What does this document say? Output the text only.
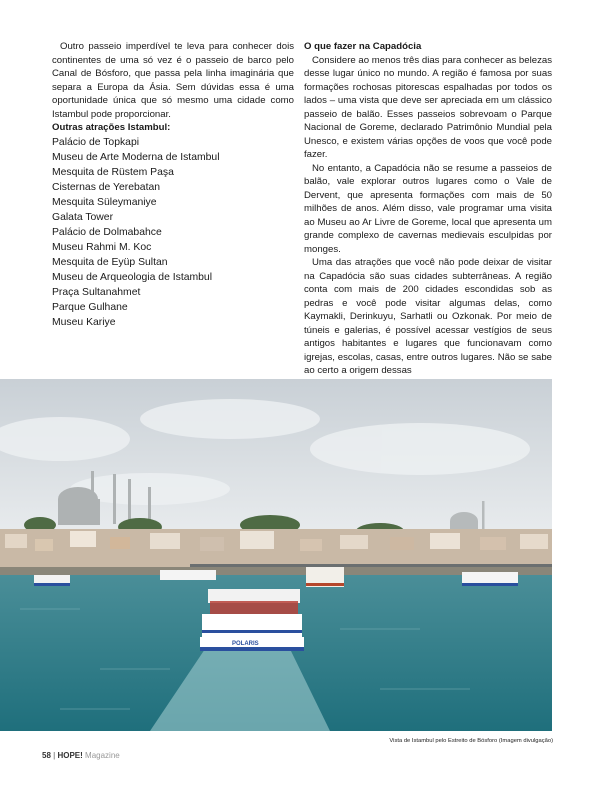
Outro passeio imperdível te leva para conhecer dois continentes de uma só vez é o passeio de barco pelo Canal de Bósforo, que passa pela linha imaginária que separa a Europa da Ásia. Sem dúvidas essa é uma oportunidade única que só mesmo uma cidade como Istambul pode proporcionar.

Outras atrações Istambul:

Palácio de Topkapi
Museu de Arte Moderna de Istambul
Mesquita de Rüstem Paşa
Cisternas de Yerebatan
Mesquita Süleymaniye
Galata Tower
Palácio de Dolmabahce
Museu Rahmi M. Koc
Mesquita de Eyüp Sultan
Museu de Arqueologia de Istambul
Praça Sultanahmet
Parque Gulhane
Museu Kariye

O que fazer na Capadócia

Considere ao menos três dias para conhecer as belezas desse lugar único no mundo. A região é famosa por suas formações rochosas pitorescas espalhadas por todos os lados – uma vista que deve ser apreciada em um clássico passeio de balão. Esses passeios sobrevoam o Parque Nacional de Goreme, declarado Patrimônio Mundial pela Unesco, e existem várias opções de voos que você pode fazer.

No entanto, a Capadócia não se resume a passeios de balão, vale explorar outros lugares como o Vale de Dervent, que apresenta formações com mais de 50 milhões de anos. Além disso, vale programar uma visita ao Museu ao Ar Livre de Goreme, local que apresenta um grande complexo de cavernas medievais esculpidas por monges.

Uma das atrações que você não pode deixar de visitar na Capadócia são suas cidades subterrâneas. A região conta com mais de 200 cidades escondidas sob as pedras e você pode visitar algumas delas, como Kaymakli, Derinkuyu, Sarhatli ou Ozkonak. Por meio de túneis e galerias, é possível acessar vestígios de seus antigos habitantes e lugares que funcionavam como igrejas, escolas, casas, entre outros lugares. Não se sabe ao certo a origem dessas

POLARIS
Vista de Istambul pelo Estreito de Bósforo (Imagem divulgação)
58 | HOPE! Magazine
